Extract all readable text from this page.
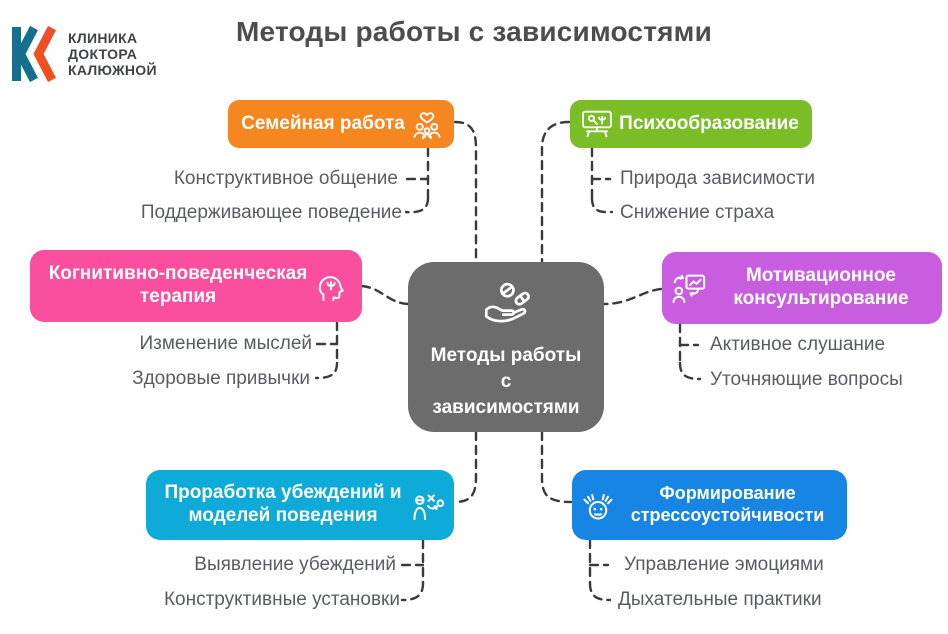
КЛИНИКА
ДОКТОРА
КАЛЮЖНОЙ
Методы работы с зависимостями
Методы работы
с
зависимостями
Семейная работа	Психообразование
Когнитивно-поведенческая терапия
Мотивационное консультирование
Проработка убеждений и моделей поведения
Формирование стрессоустойчивости
Конструктивное общение
Поддерживающее поведение
Природа зависимости
Снижение страха
Изменение мыслей
Здоровые привычки
Активное слушание
Уточняющие вопросы
Выявление убеждений
Конструктивные установки
Управление эмоциями
Дыхательные практики
